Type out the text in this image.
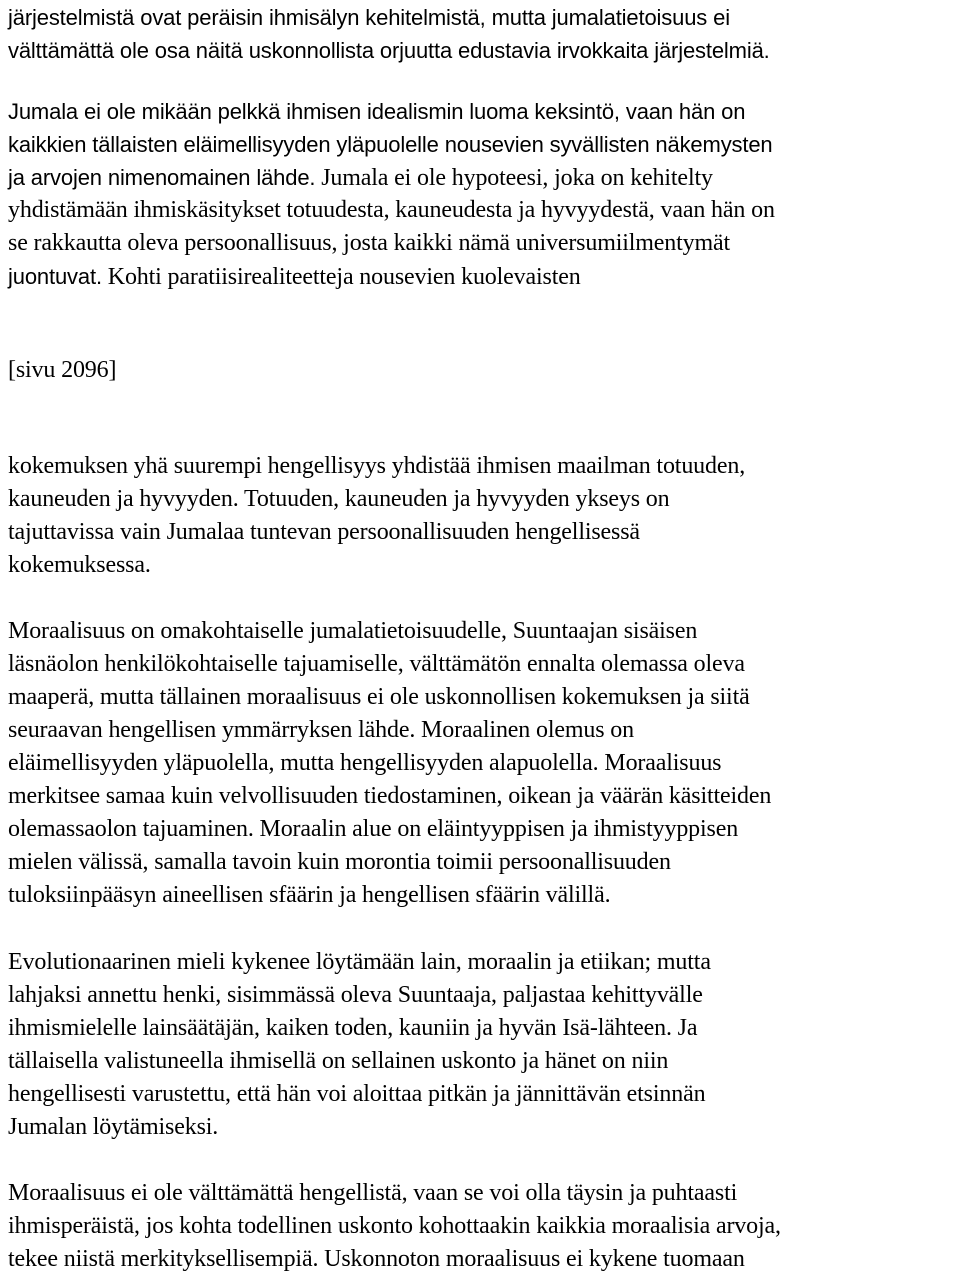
järjestelmistä ovat peräisin ihmisälyn kehitelmistä, mutta jumalatietoisuus ei
välttämättä ole osa näitä uskonnollista orjuutta edustavia irvokkaita järjestelmiä.
Jumala ei ole mikään pelkkä ihmisen idealismin luoma keksintö, vaan hän on
kaikkien tällaisten eläimellisyyden yläpuolelle nousevien syvällisten näkemysten
ja arvojen nimenomainen lähde. Jumala ei ole hypoteesi, joka on kehitelty
yhdistämään ihmiskäsitykset totuudesta, kauneudesta ja hyvyydestä, vaan hän on
se rakkautta oleva persoonallisuus, josta kaikki nämä universumiilmentymät
juontuvat. Kohti paratiisirealiteetteja nousevien kuolevaisten
[sivu 2096]
kokemuksen yhä suurempi hengellisyys yhdistää ihmisen maailman totuuden,
kauneuden ja hyvyyden. Totuuden, kauneuden ja hyvyyden ykseys on
tajuttavissa vain Jumalaa tuntevan persoonallisuuden hengellisessä
kokemuksessa.
Moraalisuus on omakohtaiselle jumalatietoisuudelle, Suuntaajan sisäisen
läsnäolon henkilökohtaiselle tajuamiselle, välttämätön ennalta olemassa oleva
maaperä, mutta tällainen moraalisuus ei ole uskonnollisen kokemuksen ja siitä
seuraavan hengellisen ymmärryksen lähde. Moraalinen olemus on
eläimellisyyden yläpuolella, mutta hengellisyyden alapuolella. Moraalisuus
merkitsee samaa kuin velvollisuuden tiedostaminen, oikean ja väärän käsitteiden
olemassaolon tajuaminen. Moraalin alue on eläintyyppisen ja ihmistyyppisen
mielen välissä, samalla tavoin kuin morontia toimii persoonallisuuden
tuloksiinpääsyn aineellisen sfäärin ja hengellisen sfäärin välillä.
Evolutionaarinen mieli kykenee löytämään lain, moraalin ja etiikan; mutta
lahjaksi annettu henki, sisimmässä oleva Suuntaaja, paljastaa kehittyvälle
ihmismielelle lainsäätäjän, kaiken toden, kauniin ja hyvän Isä-lähteen. Ja
tällaisella valistuneella ihmisellä on sellainen uskonto ja hänet on niin
hengellisesti varustettu, että hän voi aloittaa pitkän ja jännittävän etsinnän
Jumalan löytämiseksi.
Moraalisuus ei ole välttämättä hengellistä, vaan se voi olla täysin ja puhtaasti
ihmisperäistä, jos kohta todellinen uskonto kohottaakin kaikkia moraalisia arvoja,
tekee niistä merkityksellisempiä. Uskonnoton moraalisuus ei kykene tuomaan
